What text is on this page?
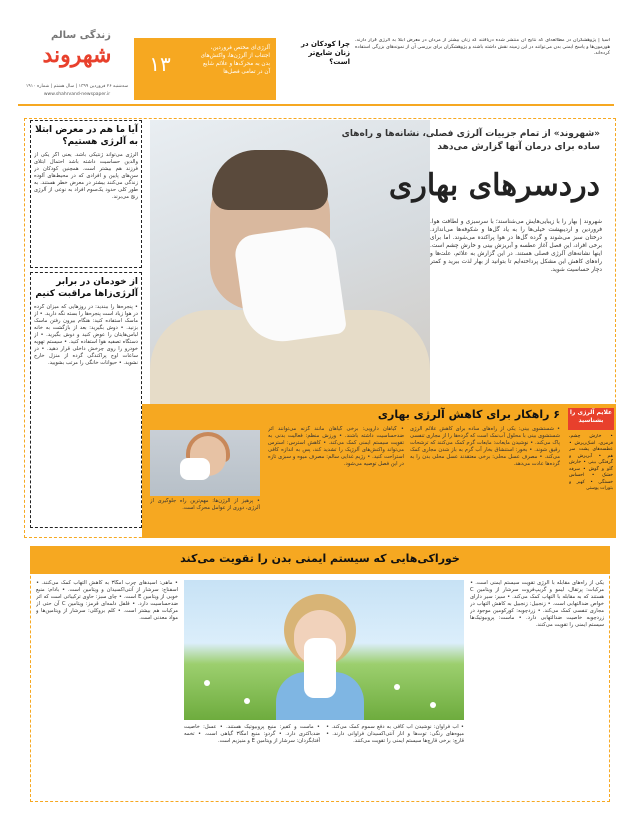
زندگی سالم
شهروند
سه‌شنبه ۲۶ فروردین ۱۳۹۹ | سال هشتم | شماره ۱۹۱۰
www.shahrvand-newspaper.ir
۱۳
آلرژی‌ای مختص فروردین، اجتناب از آلرژن‌ها، واکنش‌های بدن به محرک‌ها و علائم شایع آن در تمامی فصل‌ها !
چرا کودکان در زنان شایع‌تر است؟
آسیا | پژوهشگران در مطالعه‌ای که نتایج آن منتشر شده دریافتند که زنان بیشتر از مردان در معرض ابتلا به آلرژی قرار دارند. هورمون‌ها و پاسخ ایمنی بدن می‌توانند در این زمینه نقش داشته باشند و پژوهشگران برای بررسی آن از نمونه‌های بزرگی استفاده کرده‌اند.
«شهروند» از تمام جزییات آلرژی فصلی، نشانه‌ها و راه‌های ساده برای درمان آنها گزارش می‌دهد
دردسرهای بهاری
شهروند | بهار را با زیبایی‌هایش می‌شناسند؛ با سرسبزی و لطافت هوا. فروردین و اردیبهشت خیلی‌ها را به یاد گل‌ها و شکوفه‌ها می‌اندازد. درختان سبز می‌شوند و گرده گل‌ها در هوا پراکنده می‌شوند. اما برای برخی افراد، این فصل آغاز عطسه و آبریزش بینی و خارش چشم است. اینها نشانه‌های آلرژی فصلی هستند. در این گزارش به علائم، علت‌ها و راه‌های کاهش این مشکل پرداخته‌ایم تا بتوانید از بهار لذت ببرید و کمتر دچار حساسیت شوید.
آیا ما هم در معرض ابتلا به آلرژی هستیم؟
آلرژی می‌تواند ژنتیکی باشد. یعنی اگر یکی از والدین حساسیت داشته باشد احتمال ابتلای فرزند هم بیشتر است. همچنین کودکان در سن‌های پایین و افرادی که در محیط‌های آلوده زندگی می‌کنند بیشتر در معرض خطر هستند. به طور کلی حدود یک‌سوم افراد به نوعی از آلرژی رنج می‌برند.
از خودمان در برابر آلرژی‌زاها مراقبت کنیم
• پنجره‌ها را ببندید: در روزهایی که میزان گرده در هوا زیاد است پنجره‌ها را بسته نگه دارید. • از ماسک استفاده کنید: هنگام بیرون رفتن ماسک بزنید. • دوش بگیرید: بعد از بازگشت به خانه لباس‌هایتان را عوض کنید و دوش بگیرید. • از دستگاه تصفیه هوا استفاده کنید. • سیستم تهویه خودرو را روی چرخش داخلی قرار دهید. • در ساعات اوج پراکندگی گرده از منزل خارج نشوید. • حیوانات خانگی را مرتب بشویید.
۶ راهکار برای کاهش آلرژی بهاری
• شستشوی بینی: یکی از راه‌های ساده برای کاهش علائم آلرژی شستشوی بینی با محلول آب‌نمک است که گرده‌ها را از مجاری تنفسی پاک می‌کند. • نوشیدن مایعات: مایعات گرم کمک می‌کنند که ترشحات رقیق شوند. • بخور: استنشاق بخار آب گرم به باز شدن مجاری کمک می‌کند. • مصرف عسل محلی: برخی معتقدند عسل محلی بدن را به گرده‌ها عادت می‌دهد.
• گیاهان دارویی: برخی گیاهان مانند گزنه می‌توانند اثر ضدحساسیت داشته باشند. • ورزش منظم: فعالیت بدنی به تقویت سیستم ایمنی کمک می‌کند. • کاهش استرس: استرس می‌تواند واکنش‌های آلرژیک را تشدید کند، پس به اندازه کافی استراحت کنید. • رژیم غذایی سالم: مصرف میوه و سبزی تازه در این فصل توصیه می‌شود.
• پرهیز از آلرژن‌ها: مهم‌ترین راه جلوگیری از آلرژی، دوری از عوامل محرک است.
علایم آلرژی را بشناسید
• خارش چشم، قرمزی، اشک‌ریزش • عطسه‌های پشت سر هم • آبریزش و گرفتگی بینی • خارش گلو و گوش • سرفه خشک • احساس خستگی • کهیر و بثورات پوستی
خوراکی‌هایی که سیستم ایمنی بدن را تقویت می‌کند
یکی از راه‌های مقابله با آلرژی تقویت سیستم ایمنی است. • مرکبات: پرتقال، لیمو و گریپ‌فروت سرشار از ویتامین C هستند که به مقابله با التهاب کمک می‌کند. • سیر: سیر دارای خواص ضدالتهابی است. • زنجبیل: زنجبیل به کاهش التهاب در مجاری تنفسی کمک می‌کند. • زردچوبه: کورکومین موجود در زردچوبه خاصیت ضدالتهابی دارد. • ماست: پروبیوتیک‌ها سیستم ایمنی را تقویت می‌کنند.
• ماهی: اسیدهای چرب امگا۳ به کاهش التهاب کمک می‌کنند. • اسفناج: سرشار از آنتی‌اکسیدان و ویتامین است. • بادام: منبع خوبی از ویتامین E است. • چای سبز: حاوی ترکیباتی است که اثر ضدحساسیت دارد. • فلفل دلمه‌ای قرمز: ویتامین C آن حتی از مرکبات هم بیشتر است. • کلم بروکلی: سرشار از ویتامین‌ها و مواد معدنی است.
• آب فراوان: نوشیدن آب کافی به دفع سموم کمک می‌کند. • میوه‌های رنگی: توت‌ها و انار آنتی‌اکسیدان فراوانی دارند. • قارچ: برخی قارچ‌ها سیستم ایمنی را تقویت می‌کنند.
• ماست و کفیر: منبع پروبیوتیک هستند. • عسل: خاصیت ضدباکتری دارد. • گردو: منبع امگا۳ گیاهی است. • تخمه آفتابگردان: سرشار از ویتامین E و منیزیم است.
